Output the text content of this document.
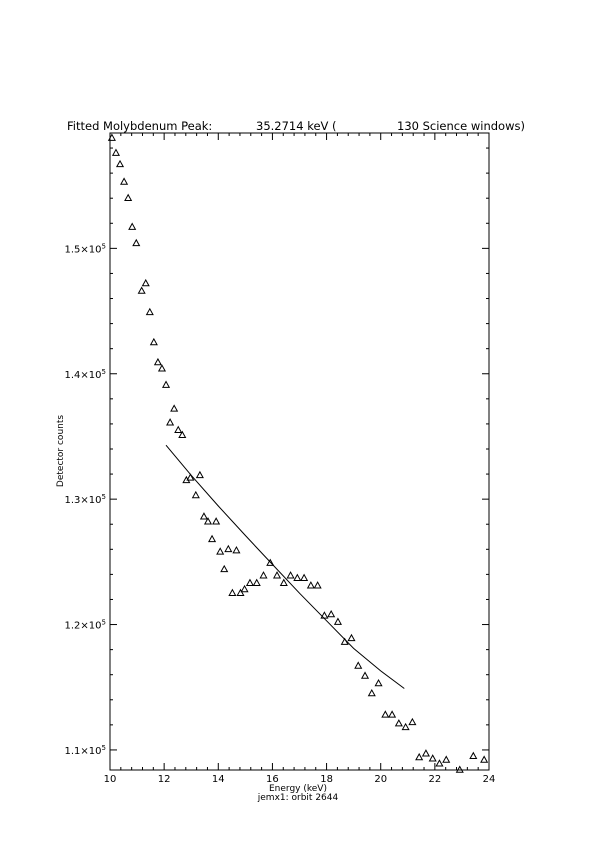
Fitted Molybdenum Peak:	35.2714 keV (	130 Science windows)
10	12	14	16	18	20	22	24
$1.1\times 10^5$
$1.2\times 10^5$
$1.3\times 10^5$
$1.4\times 10^5$
$1.5\times 10^5$
Energy (keV)
jemx1: orbit 2644
Detector counts
